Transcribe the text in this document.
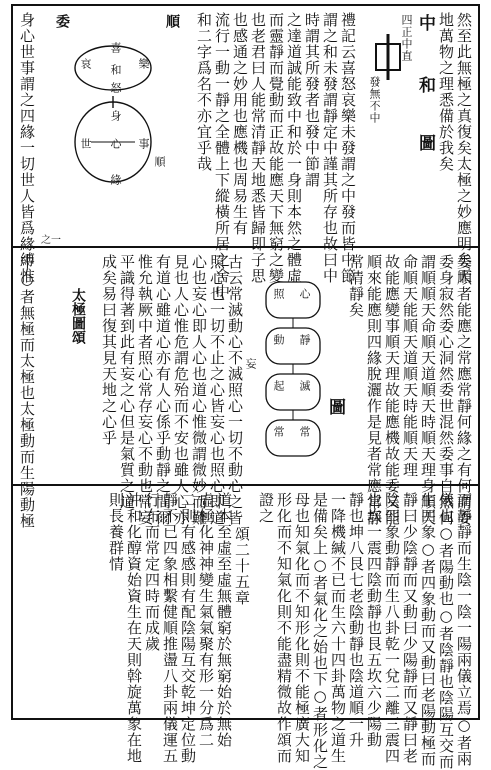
然至此無極之真復矣太極之妙應明矣天
地萬物之理悉備於我矣
中
和
圖
四正中直
發無不中
禮記云喜怒哀樂未發謂之中發而皆中節
謂之和未發謂靜定中謹其所存也故曰中
時謂其所發者也發中節謂
之達道誠能致中和於一身則本然之體虛
而靈靜而覺動而正故能應天下無窮之變
也老君曰人能常清靜天地悉皆歸即子思
也感通之妙用也應機也周易生有
流行一動一靜之全體上下縱橫所居之舍中
和二字爲名不亦宜乎哉
喜
哀 和 樂
怒
身
世 心 事
緣
順
委
順
身心世事謂之四緣一切世人皆爲緣縛惟 之一
委順者能應之常應常靜何緣之有何謂委
委身寂然委心洞然委世混然委事自然何
謂順順天命順天道順天時順天理身順天
命順天能順天道順天時能順天理
故能應變事順天理故能應機故能委又能
順來能應則四緣脫灑作是見者常應常靜
常清靜矣
圖
照 心
動 靜
起 滅
常 常
妄
古云常滅動心不滅照心一切不動心之皆
照心也一切不止之心皆妄心也照心即道
心也妄心即人心也道心惟微謂微妙而難
見也人心惟危謂危殆而不安也雖人心亦
有道心雖道心亦有人心係乎動靜之間爾
惟允執厥中者照心常存妄心不動也常妄
平識得著到此有妄之心但是氣質之道
成矣易曰復其見天地之心乎
太極圖頌
中○者無極而太極也太極動而生陽動極
而靜靜而生陰一陰一陽兩儀立焉○者兩
儀也○者陽動也○者陰靜也陰陽互交而
生四象○者四象動而又動曰老陽動極而
靜曰少陰靜而又動曰少陽靜而又靜曰老
陰四象動靜而生八卦乾一兌二離三震四
也坎一震四陰動靜也艮五坎六少陽動
靜也坤八艮七老陰動靜也陰道順一升
一降機緘不已而生六十四卦萬物之道生
是備矣上○者氣化之始也下○者形化之
母也知氣化而不知形化則不能極廣大知
形化而不知氣化則不能盡精微故作頌而
證之
頌二十五章
道本至虛至虛無體窮於無窮始於無始
虛極化神神變生氣氣聚有形一分爲二
二則有感感則有配陰陽互交乾坤定位動
靜不已四象相繫健順推盪八卦兩儀運五
行布而常定四時而成歲
沖和化醇資始資生在天則斡旋萬象在地
則長養群情
